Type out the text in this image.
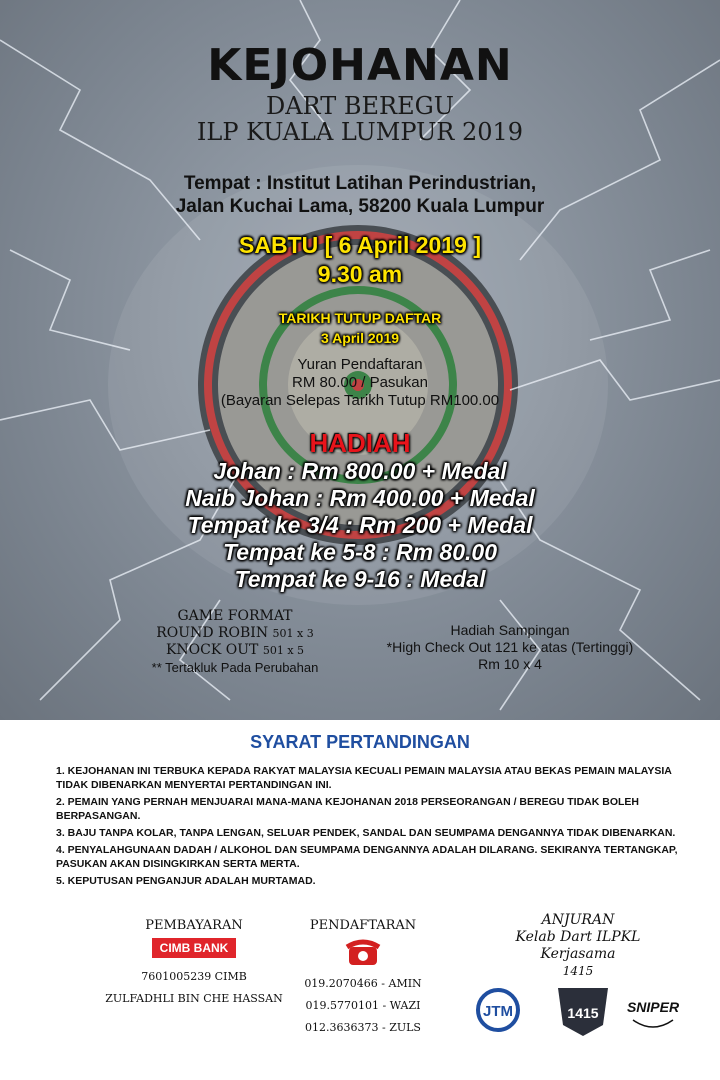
KEJOHANAN
DART BEREGU
ILP KUALA LUMPUR 2019
Tempat : Institut Latihan Perindustrian,
Jalan Kuchai Lama, 58200 Kuala Lumpur
SABTU [ 6 April 2019 ]
9.30 am
TARIKH TUTUP DAFTAR
3 April 2019
Yuran Pendaftaran
RM 80.00 / Pasukan
(Bayaran Selepas Tarikh Tutup RM100.00
HADIAH
Johan : Rm 800.00 + Medal
Naib Johan : Rm 400.00 + Medal
Tempat ke 3/4 : Rm 200 + Medal
Tempat ke 5-8 : Rm 80.00
Tempat ke 9-16 : Medal
GAME FORMAT
ROUND ROBIN 501 x 3
KNOCK OUT 501 x 5
** Tertakluk Pada Perubahan
Hadiah Sampingan
*High Check Out 121 ke atas (Tertinggi)
Rm 10 x 4
SYARAT PERTANDINGAN
1. KEJOHANAN INI TERBUKA KEPADA RAKYAT MALAYSIA KECUALI PEMAIN MALAYSIA ATAU BEKAS PEMAIN MALAYSIA TIDAK DIBENARKAN MENYERTAI PERTANDINGAN INI.
2. PEMAIN YANG PERNAH MENJUARAI MANA-MANA KEJOHANAN 2018 PERSEORANGAN / BEREGU TIDAK BOLEH BERPASANGAN.
3. BAJU TANPA KOLAR, TANPA LENGAN, SELUAR PENDEK, SANDAL DAN SEUMPAMA DENGANNYA TIDAK DIBENARKAN.
4. PENYALAHGUNAAN DADAH / ALKOHOL DAN SEUMPAMA DENGANNYA ADALAH DILARANG. SEKIRANYA TERTANGKAP, PASUKAN AKAN DISINGKIRKAN SERTA MERTA.
5. KEPUTUSAN PENGANJUR ADALAH MURTAMAD.
PEMBAYARAN
CIMB BANK
7601005239 CIMB
ZULFADHLI BIN CHE HASSAN
PENDAFTARAN
019.2070466 - AMIN
019.5770101 - WAZI
012.3636373 - ZULS
ANJURAN
Kelab Dart ILPKL
Kerjasama
1415
JTM	1415 SNIPER
